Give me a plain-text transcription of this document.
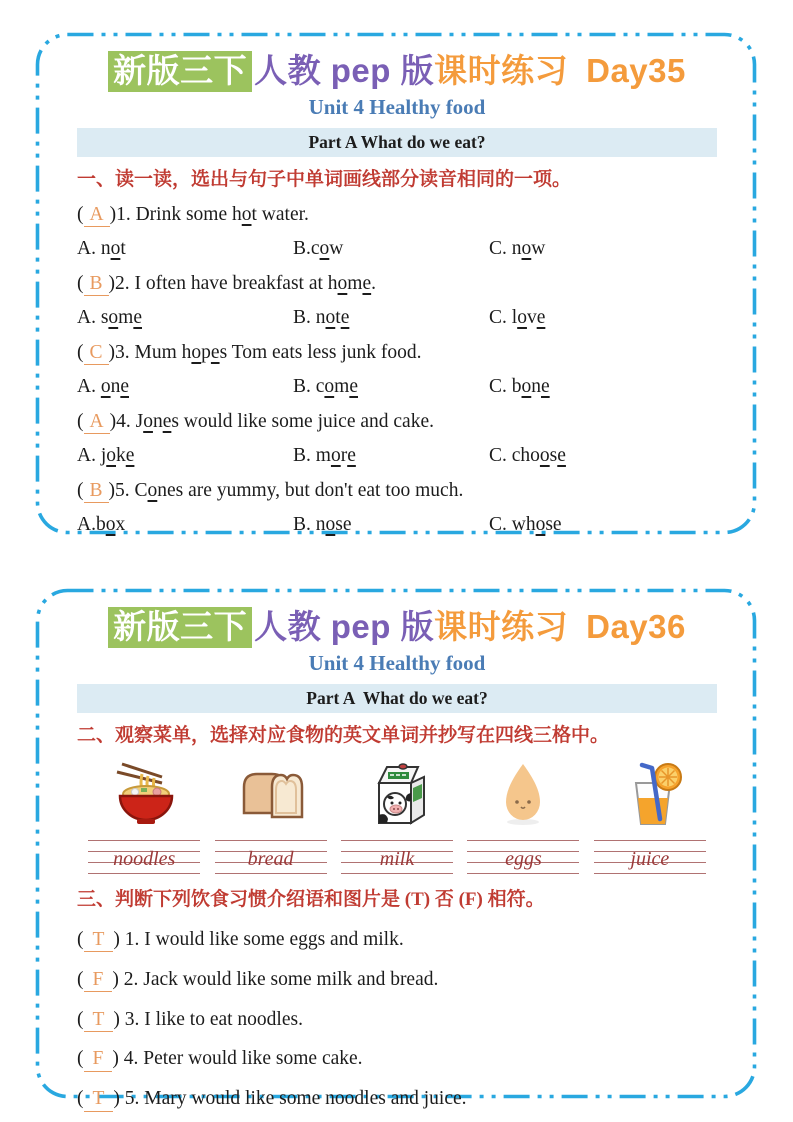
新版三下 人教 pep 版课时练习 Day35
Unit 4 Healthy food
Part A What do we eat?
一、读一读，选出与句子中单词画线部分读音相同的一项。
( A )1. Drink some hot water.
A. not	B.cow	C. now
( B )2. I often have breakfast at home.
A. some	B. note	C. love
( C )3. Mum hopes Tom eats less junk food.
A. one	B. come	C. bone
( A )4. Jones would like some juice and cake.
A. joke	B. more	C. choose
( B )5. Cones are yummy, but don't eat too much.
A.box	B. nose	C. whose
新版三下 人教 pep 版课时练习 Day36
Unit 4 Healthy food
Part A  What do we eat?
二、观察菜单，选择对应食物的英文单词并抄写在四线三格中。
noodles	bread	milk	eggs	juice
三、判断下列饮食习惯介绍语和图片是 (T) 否 (F) 相符。
( T ) 1. I would like some eggs and milk.
( F ) 2. Jack would like some milk and bread.
( T ) 3. I like to eat noodles.
( F ) 4. Peter would like some cake.
( T ) 5. Mary would like some noodles and juice.
